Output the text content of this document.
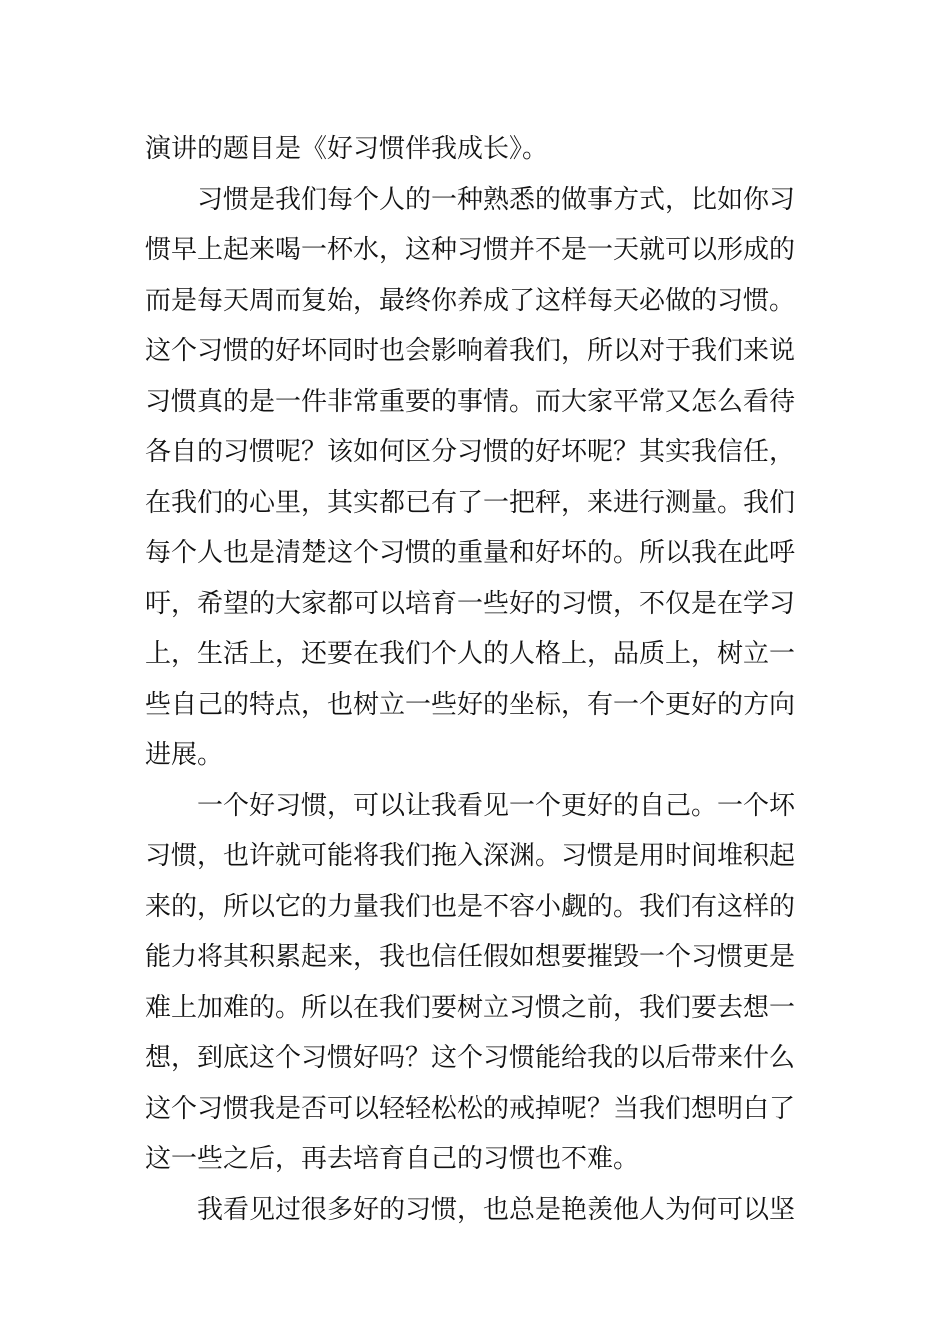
演讲的题目是《好习惯伴我成长》。
习惯是我们每个人的一种熟悉的做事方式，比如你习
惯早上起来喝一杯水，这种习惯并不是一天就可以形成的
而是每天周而复始，最终你养成了这样每天必做的习惯。
这个习惯的好坏同时也会影响着我们，所以对于我们来说
习惯真的是一件非常重要的事情。而大家平常又怎么看待
各自的习惯呢？该如何区分习惯的好坏呢？其实我信任，
在我们的心里，其实都已有了一把秤，来进行测量。我们
每个人也是清楚这个习惯的重量和好坏的。所以我在此呼
吁，希望的大家都可以培育一些好的习惯，不仅是在学习
上，生活上，还要在我们个人的人格上，品质上，树立一
些自己的特点，也树立一些好的坐标，有一个更好的方向
进展。
一个好习惯，可以让我看见一个更好的自己。一个坏
习惯，也许就可能将我们拖入深渊。习惯是用时间堆积起
来的，所以它的力量我们也是不容小觑的。我们有这样的
能力将其积累起来，我也信任假如想要摧毁一个习惯更是
难上加难的。所以在我们要树立习惯之前，我们要去想一
想，到底这个习惯好吗？这个习惯能给我的以后带来什么
这个习惯我是否可以轻轻松松的戒掉呢？当我们想明白了
这一些之后，再去培育自己的习惯也不难。
我看见过很多好的习惯，也总是艳羡他人为何可以坚
